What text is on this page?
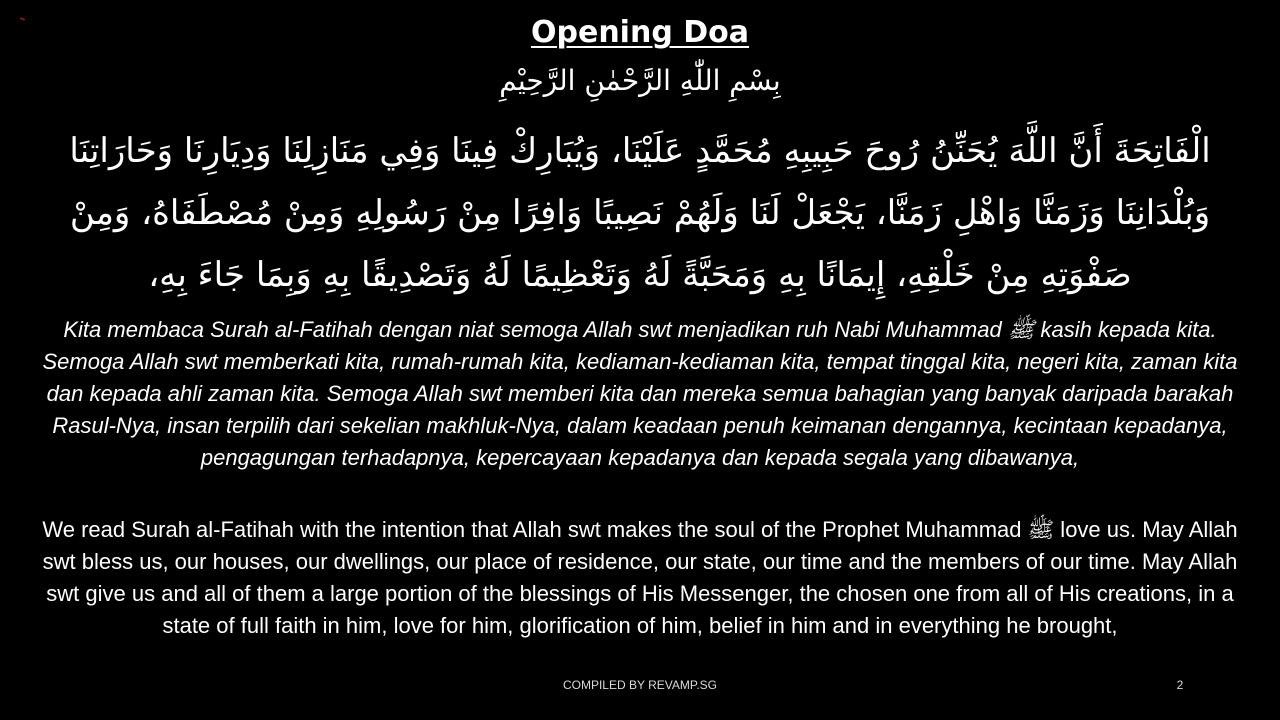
Opening Doa
بِسْمِ اللّٰهِ الرَّحْمٰنِ الرَّحِيْمِ
الْفَاتِحَةَ أَنَّ اللَّهَ يُحَنِّنُ رُوحَ حَبِيبِهِ مُحَمَّدٍ عَلَيْنَا، وَيُبَارِكْ فِينَا وَفِي مَنَازِلِنَا وَدِيَارِنَا وَحَارَاتِنَا وَبُلْدَانِنَا وَزَمَنَّا وَاهْلِ زَمَنَّا، يَجْعَلْ لَنَا وَلَهُمْ نَصِيبًا وَافِرًا مِنْ رَسُولِهِ وَمِنْ مُصْطَفَاهُ، وَمِنْ صَفْوَتِهِ مِنْ خَلْقِهِ، إِيمَانًا بِهِ وَمَحَبَّةً لَهُ وَتَعْظِيمًا لَهُ وَتَصْدِيقًا بِهِ وَبِمَا جَاءَ بِهِ،
Kita membaca Surah al-Fatihah dengan niat semoga Allah swt menjadikan ruh Nabi Muhammad ﷺ kasih kepada kita. Semoga Allah swt memberkati kita, rumah-rumah kita, kediaman-kediaman kita, tempat tinggal kita, negeri kita, zaman kita dan kepada ahli zaman kita. Semoga Allah swt memberi kita dan mereka semua bahagian yang banyak daripada barakah Rasul-Nya, insan terpilih dari sekelian makhluk-Nya, dalam keadaan penuh keimanan dengannya, kecintaan kepadanya, pengagungan terhadapnya, kepercayaan kepadanya dan kepada segala yang dibawanya,
We read Surah al-Fatihah with the intention that Allah swt makes the soul of the Prophet Muhammad ﷺ love us. May Allah swt bless us, our houses, our dwellings, our place of residence, our state, our time and the members of our time. May Allah swt give us and all of them a large portion of the blessings of His Messenger, the chosen one from all of His creations, in a state of full faith in him, love for him, glorification of him, belief in him and in everything he brought,
COMPILED BY REVAMP.SG	2
